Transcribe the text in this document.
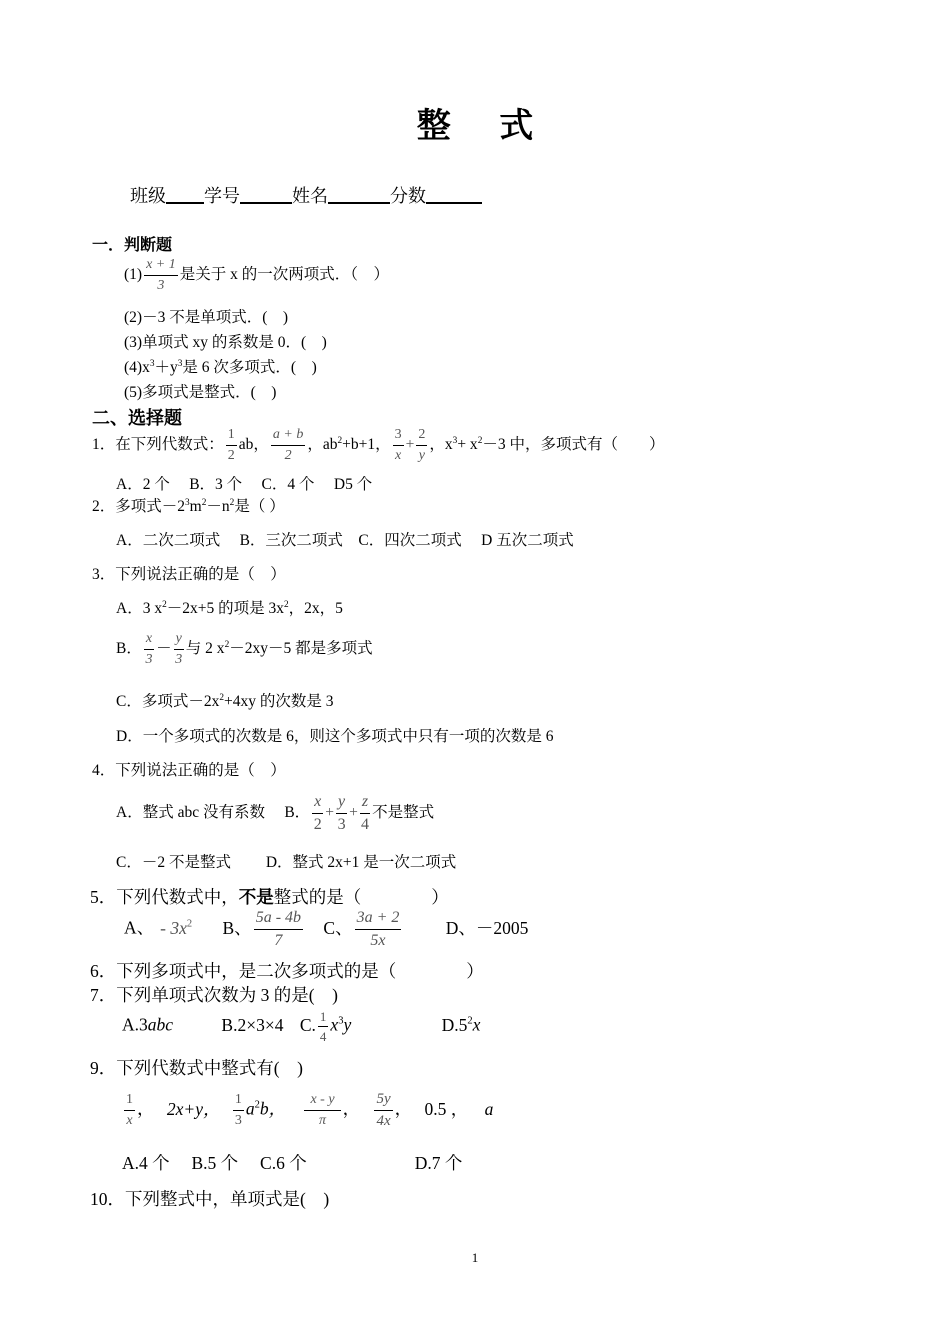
整 式
班级 学号	姓名	分数
一．判断题
$(1) \frac{x + 1}{3}$ 是关于 x 的一次两项式．（　）
(2)－3 不是单项式．(　)
(3)单项式 xy 的系数是 0．(　)
$(4)x^3+y^3$是 6 次多项式．(　)
(5)多项式是整式．(　)
二、选择题
1．在下列代数式： $\frac{1}{2}$ ab， $\frac{a + b}{2}$ ，$ab^2+b+1$， $\frac{3}{x} + \frac{2}{y}$ ，$x^3+ x^2-3$ 中，多项式有（　　）
A．2 个　 B．3 个　 C．4 个　 D5 个
2．多项式$-2^3m^2-n^2$是（ ）
A．二次二项式　 B．三次二项式　C．四次二项式　 D 五次二项式
3．下列说法正确的是（　）
A．3 $x^2-2x+5$ 的项是 $3x^2$，2x，5
B． $\frac{x}{3} - \frac{y}{3}$ 与 2 $x^2-2xy-5$ 都是多项式
C．多项式$-2x^2+4xy$ 的次数是 3
D．一个多项式的次数是 6，则这个多项式中只有一项的次数是 6
4．下列说法正确的是（　）
A．整式 abc 没有系数　 B． $\frac{x}{2} + \frac{y}{3} + \frac{z}{4}$ 不是整式
C．－2 不是整式　　 D．整式 2x+1 是一次二项式
5．下列代数式中，不是整式的是（　　　　）
A、 - $3x^2$ B、 $\frac{5a - 4b}{7}$ C、 $\frac{3a + 2}{5x}$	D、－2005
6．下列多项式中，是二次多项式的是（　　　　）
7．下列单项式次数为 3 的是(　)
A.3abc	B.2×3×4 C. $\frac{1}{4} x^3y$	$D.5^2x$
9．下列代数式中整式有(　)
$\frac{1}{x}$ ， 2x+y， $\frac{1}{3} a^2b$， $\frac{x - y}{\pi}$ ， $\frac{5y}{4x}$ ， 0.5 ， a
A.4 个　 B.5 个　 C.6 个	D.7 个
10．下列整式中，单项式是(　)
1
